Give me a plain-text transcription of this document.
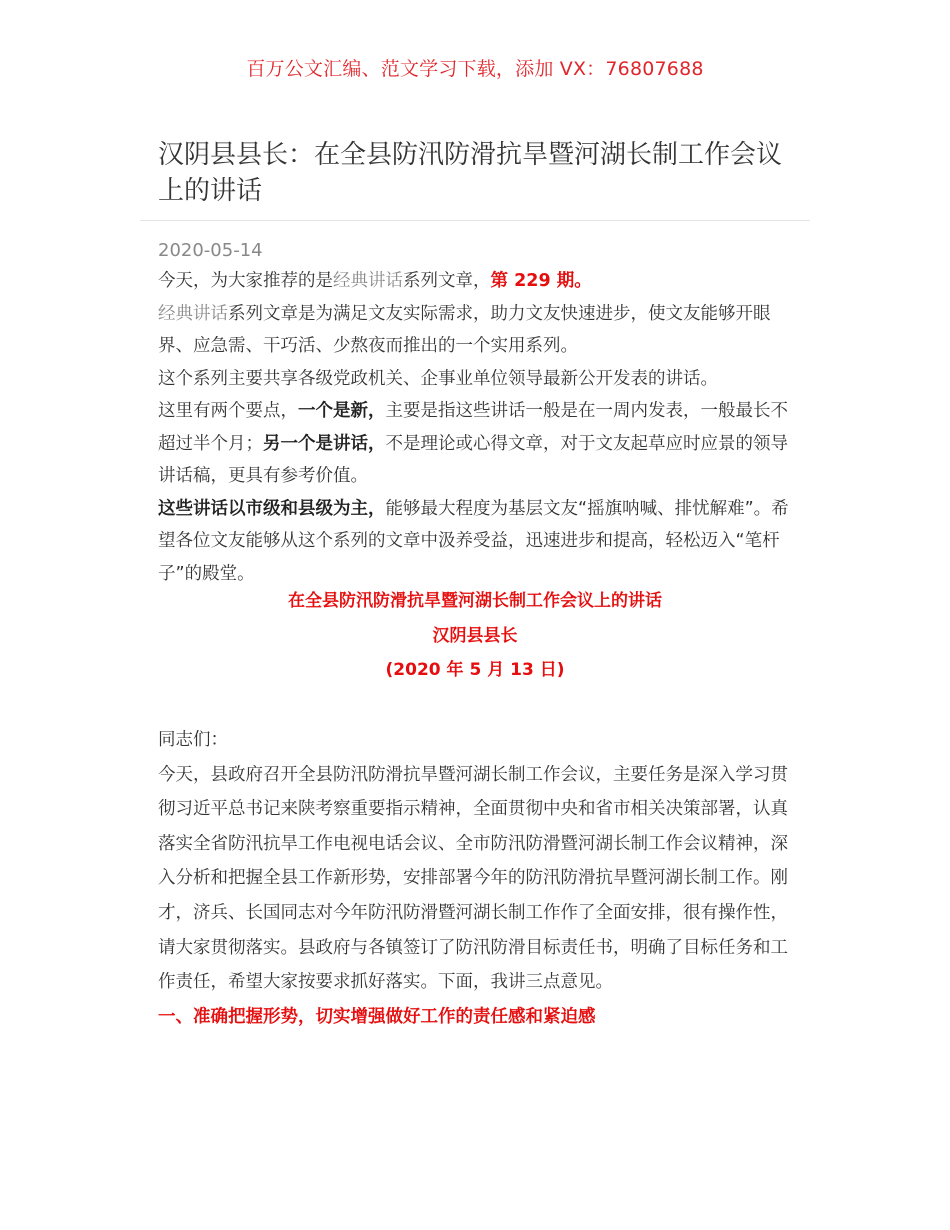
百万公文汇编、范文学习下载，添加 VX：76807688
汉阴县县长：在全县防汛防滑抗旱暨河湖长制工作会议上的讲话
2020-05-14

今天，为大家推荐的是经典讲话系列文章，第 229 期。

经典讲话系列文章是为满足文友实际需求，助力文友快速进步，使文友能够开眼界、应急需、干巧活、少熬夜而推出的一个实用系列。

这个系列主要共享各级党政机关、企事业单位领导最新公开发表的讲话。

这里有两个要点，一个是新，主要是指这些讲话一般是在一周内发表，一般最长不超过半个月；另一个是讲话，不是理论或心得文章，对于文友起草应时应景的领导讲话稿，更具有参考价值。

这些讲话以市级和县级为主，能够最大程度为基层文友“摇旗呐喊、排忧解难”。希望各位文友能够从这个系列的文章中汲养受益，迅速进步和提高，轻松迈入“笔杆子”的殿堂。

在全县防汛防滑抗旱暨河湖长制工作会议上的讲话
汉阴县县长
(2020 年 5 月 13 日)

同志们：

今天，县政府召开全县防汛防滑抗旱暨河湖长制工作会议，主要任务是深入学习贯彻习近平总书记来陕考察重要指示精神，全面贯彻中央和省市相关决策部署，认真落实全省防汛抗旱工作电视电话会议、全市防汛防滑暨河湖长制工作会议精神，深入分析和把握全县工作新形势，安排部署今年的防汛防滑抗旱暨河湖长制工作。刚才，济兵、长国同志对今年防汛防滑暨河湖长制工作作了全面安排，很有操作性，请大家贯彻落实。县政府与各镇签订了防汛防滑目标责任书，明确了目标任务和工作责任，希望大家按要求抓好落实。下面，我讲三点意见。

一、准确把握形势，切实增强做好工作的责任感和紧迫感
